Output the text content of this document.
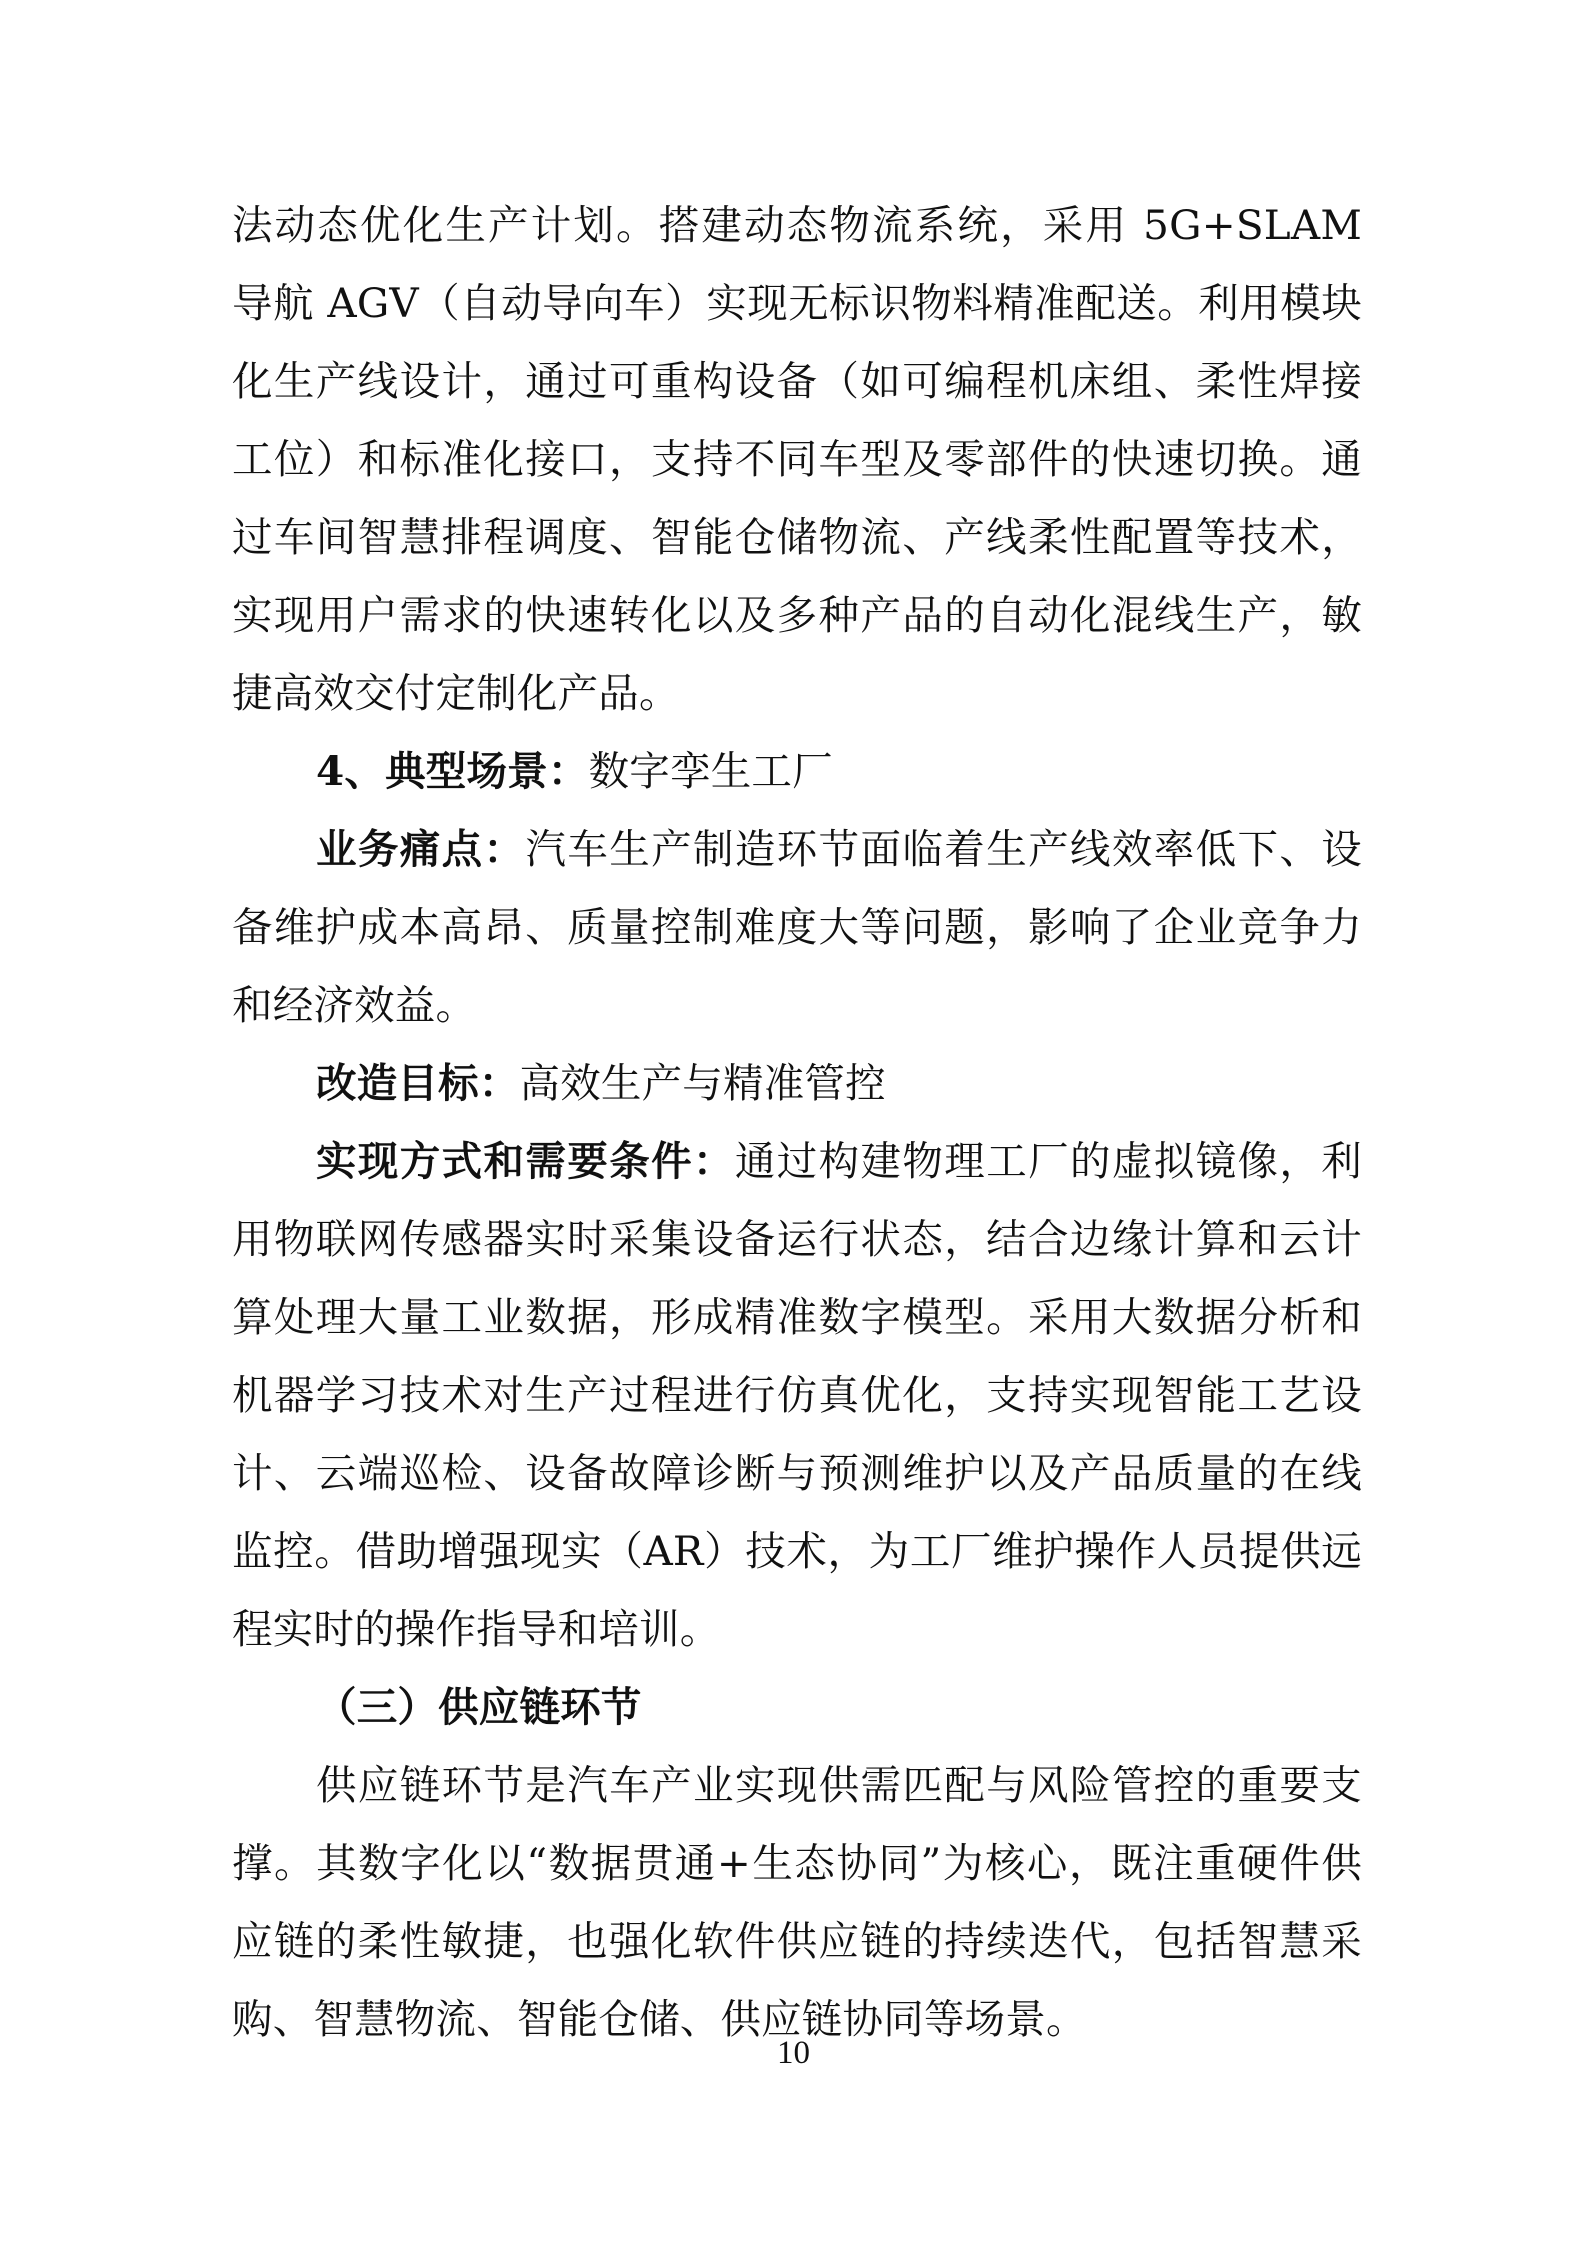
法动态优化生产计划。搭建动态物流系统，采用 5G+SLAM 导航 AGV（自动导向车）实现无标识物料精准配送。利用模块化生产线设计，通过可重构设备（如可编程机床组、柔性焊接工位）和标准化接口，支持不同车型及零部件的快速切换。通过车间智慧排程调度、智能仓储物流、产线柔性配置等技术，实现用户需求的快速转化以及多种产品的自动化混线生产，敏捷高效交付定制化产品。

4、典型场景：数字孪生工厂

业务痛点：汽车生产制造环节面临着生产线效率低下、设备维护成本高昂、质量控制难度大等问题，影响了企业竞争力和经济效益。

改造目标：高效生产与精准管控

实现方式和需要条件：通过构建物理工厂的虚拟镜像，利用物联网传感器实时采集设备运行状态，结合边缘计算和云计算处理大量工业数据，形成精准数字模型。采用大数据分析和机器学习技术对生产过程进行仿真优化，支持实现智能工艺设计、云端巡检、设备故障诊断与预测维护以及产品质量的在线监控。借助增强现实（AR）技术，为工厂维护操作人员提供远程实时的操作指导和培训。

（三）供应链环节

供应链环节是汽车产业实现供需匹配与风险管控的重要支撑。其数字化以“数据贯通+生态协同”为核心，既注重硬件供应链的柔性敏捷，也强化软件供应链的持续迭代，包括智慧采购、智慧物流、智能仓储、供应链协同等场景。

10
